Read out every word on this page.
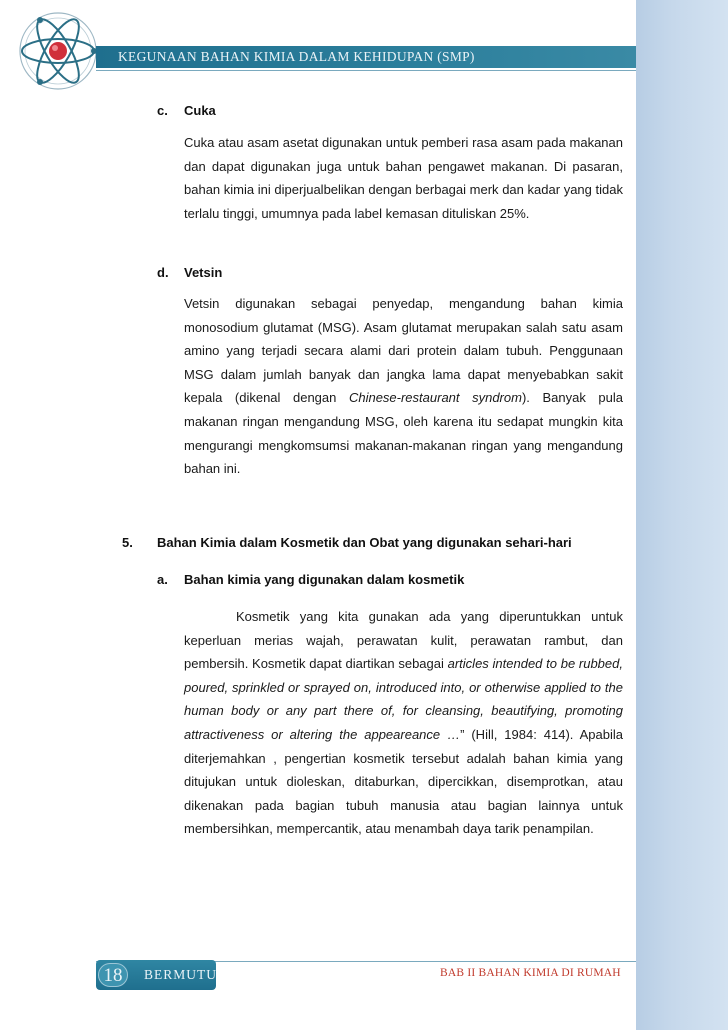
KEGUNAAN BAHAN KIMIA DALAM KEHIDUPAN (SMP)
c. Cuka

Cuka atau asam asetat digunakan untuk pemberi rasa asam pada makanan dan dapat digunakan juga untuk bahan pengawet makanan. Di pasaran, bahan kimia ini diperjualbelikan dengan berbagai merk dan kadar yang tidak terlalu tinggi, umumnya pada label kemasan dituliskan 25%.

d. Vetsin

Vetsin digunakan sebagai penyedap, mengandung bahan kimia monosodium glutamat (MSG). Asam glutamat merupakan salah satu asam amino yang terjadi secara alami dari protein dalam tubuh. Penggunaan MSG dalam jumlah banyak dan jangka lama dapat menyebabkan sakit kepala (dikenal dengan Chinese-restaurant syndrom). Banyak pula makanan ringan mengandung MSG, oleh karena itu sedapat mungkin kita mengurangi mengkomsumsi makanan-makanan ringan yang mengandung bahan ini.

5. Bahan Kimia dalam Kosmetik dan Obat yang digunakan sehari-hari
a. Bahan kimia yang digunakan dalam kosmetik

Kosmetik yang kita gunakan ada yang diperuntukkan untuk keperluan merias wajah, perawatan kulit, perawatan rambut, dan pembersih. Kosmetik dapat diartikan sebagai articles intended to be rubbed, poured, sprinkled or sprayed on, introduced into, or otherwise applied to the human body or any part there of, for cleansing, beautifying, promoting attractiveness or altering the appeareance …” (Hill, 1984: 414). Apabila diterjemahkan , pengertian kosmetik tersebut adalah bahan kimia yang ditujukan untuk dioleskan, ditaburkan, dipercikkan, disemprotkan, atau dikenakan pada bagian tubuh manusia atau bagian lainnya untuk membersihkan, mempercantik, atau menambah daya tarik penampilan.

18	BERMUTU	BAB II BAHAN KIMIA DI RUMAH
